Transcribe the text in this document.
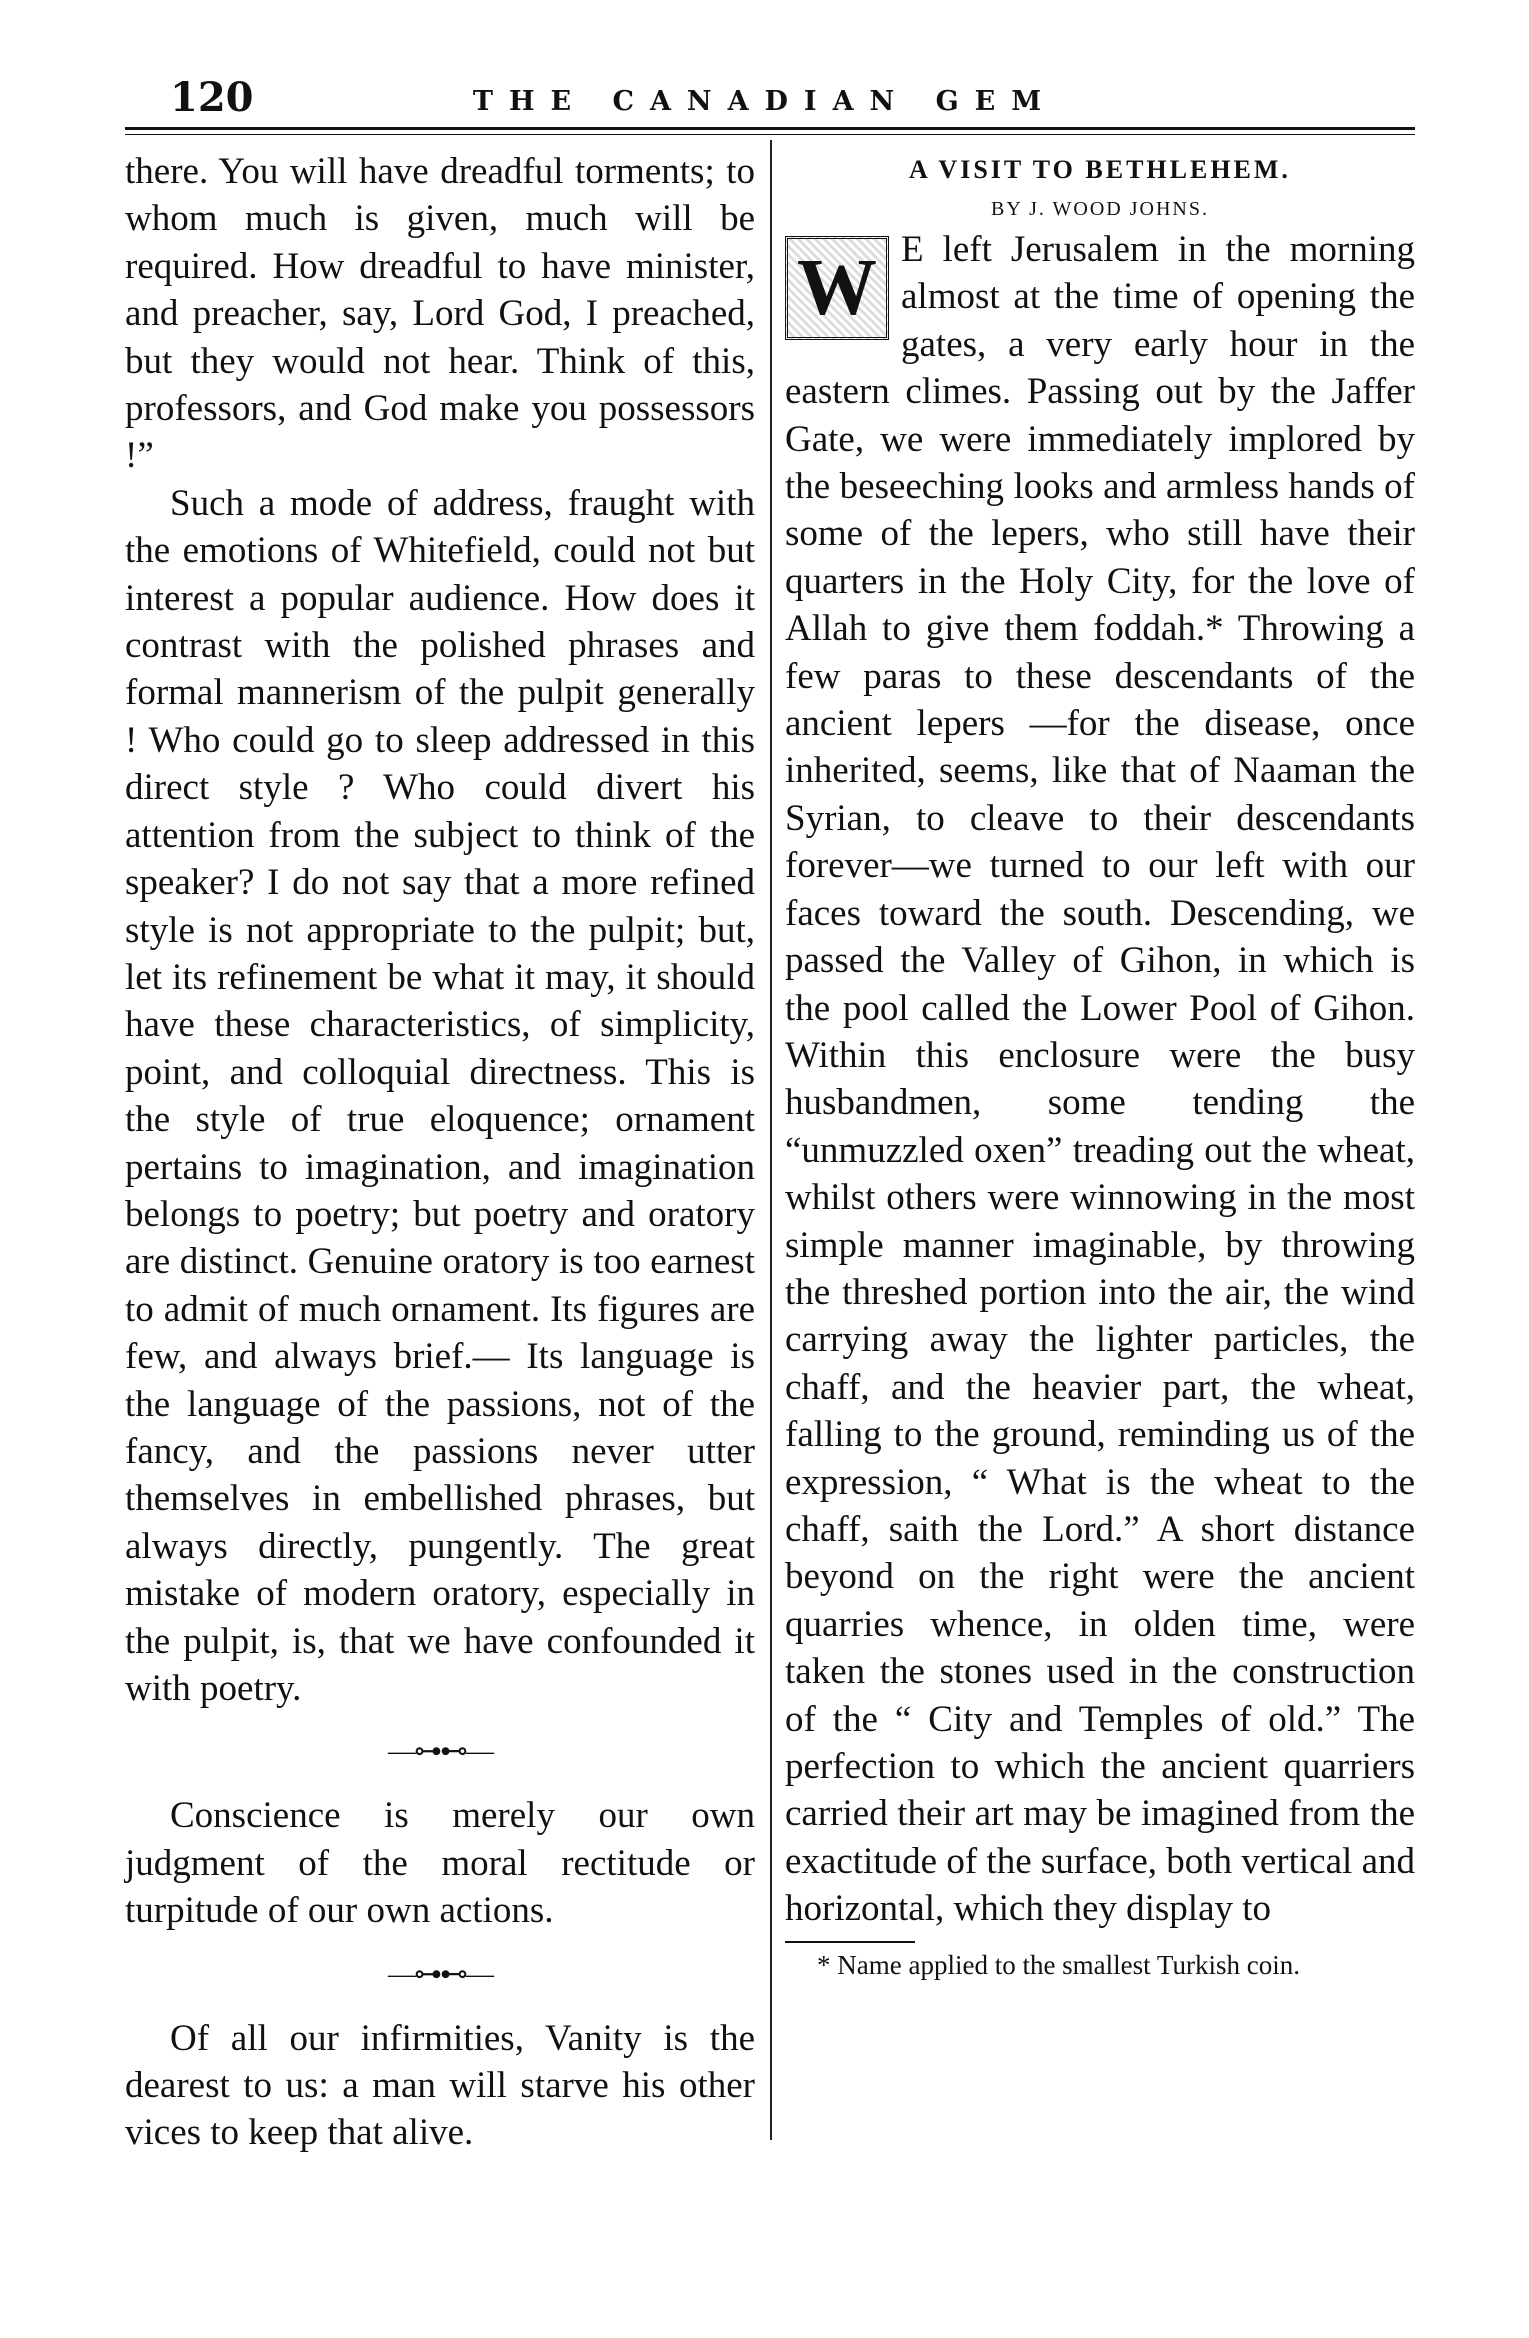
120	THE CANADIAN GEM

there. You will have dreadful torments; to whom much is given, much will be required. How dreadful to have minister, and preacher, say, Lord God, I preached, but they would not hear. Think of this, professors, and God make you possessors !”

Such a mode of address, fraught with the emotions of Whitefield, could not but interest a popular audience. How does it contrast with the polished phrases and formal mannerism of the pulpit generally ! Who could go to sleep addressed in this direct style ? Who could divert his attention from the subject to think of the speaker? I do not say that a more refined style is not appropriate to the pulpit; but, let its refinement be what it may, it should have these characteristics, of simplicity, point, and colloquial directness. This is the style of true eloquence; ornament pertains to imagination, and imagination belongs to poetry; but poetry and oratory are distinct. Genuine oratory is too earnest to admit of much ornament. Its figures are few, and always brief.— Its language is the language of the passions, not of the fancy, and the passions never utter themselves in embellished phrases, but always directly, pungently. The great mistake of modern oratory, especially in the pulpit, is, that we have confounded it with poetry.

—⊶⊷—

Conscience is merely our own judgment of the moral rectitude or turpitude of our own actions.

—⊶⊷—

Of all our infirmities, Vanity is the dearest to us: a man will starve his other vices to keep that alive.

A VISIT TO BETHLEHEM.

BY J. WOOD JOHNS.

W E left Jerusalem in the morning almost at the time of opening the gates, a very early hour in the eastern climes. Passing out by the Jaffer Gate, we were immediately implored by the beseeching looks and armless hands of some of the lepers, who still have their quarters in the Holy City, for the love of Allah to give them foddah.* Throwing a few paras to these descendants of the ancient lepers —for the disease, once inherited, seems, like that of Naaman the Syrian, to cleave to their descendants forever—we turned to our left with our faces toward the south. Descending, we passed the Valley of Gihon, in which is the pool called the Lower Pool of Gihon. Within this enclosure were the busy husbandmen, some tending the “unmuzzled oxen” treading out the wheat, whilst others were winnowing in the most simple manner imaginable, by throwing the threshed portion into the air, the wind carrying away the lighter particles, the chaff, and the heavier part, the wheat, falling to the ground, reminding us of the expression, “ What is the wheat to the chaff, saith the Lord.” A short distance beyond on the right were the ancient quarries whence, in olden time, were taken the stones used in the construction of the “ City and Temples of old.” The perfection to which the ancient quarriers carried their art may be imagined from the exactitude of the surface, both vertical and horizontal, which they display to

* Name applied to the smallest Turkish coin.
